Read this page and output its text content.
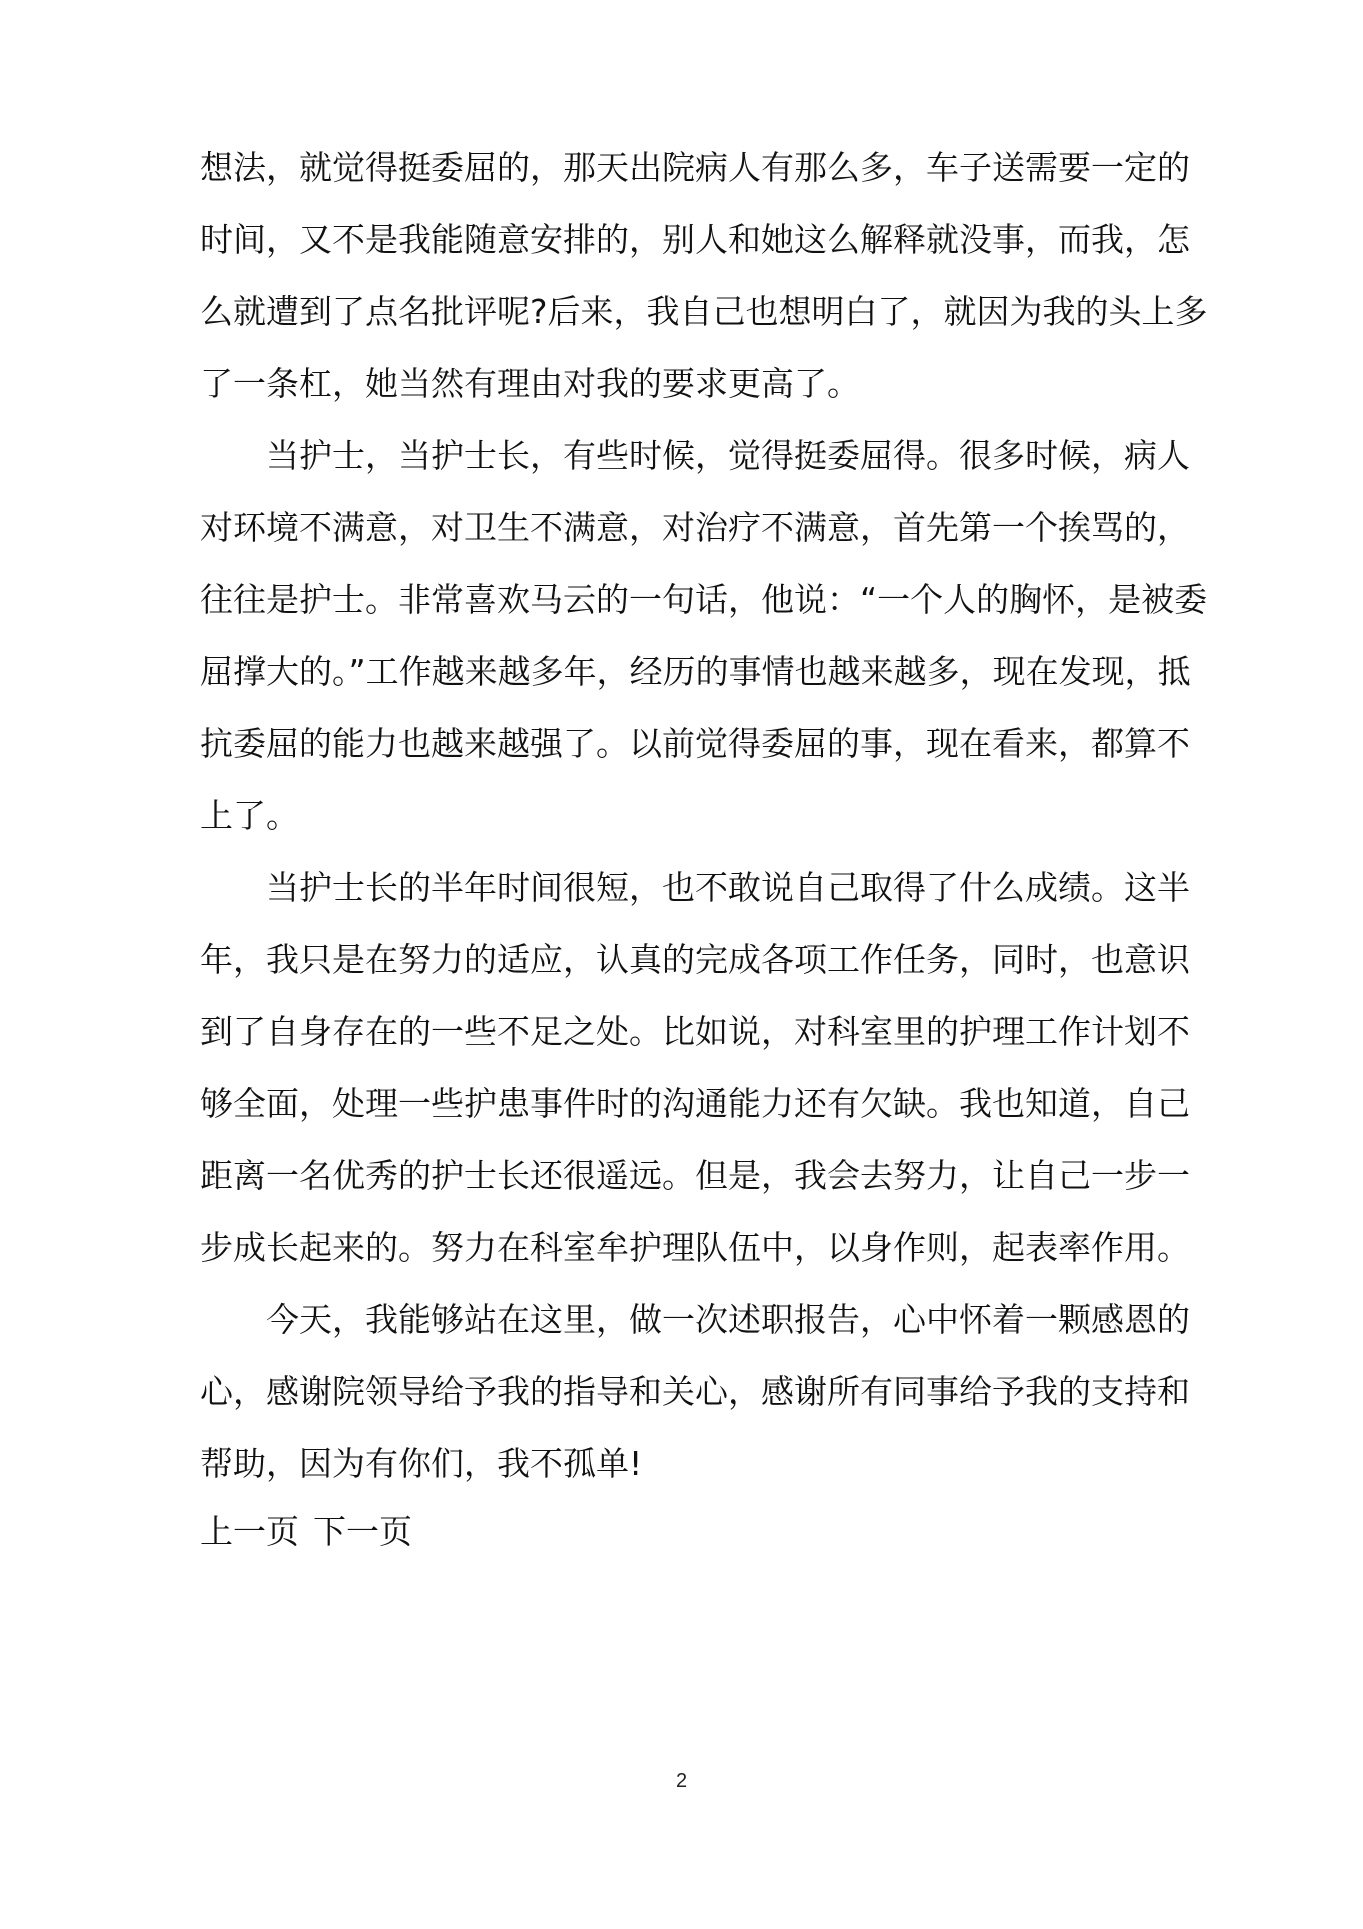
想法，就觉得挺委屈的，那天出院病人有那么多，车子送需要一定的
时间，又不是我能随意安排的，别人和她这么解释就没事，而我，怎
么就遭到了点名批评呢?后来，我自己也想明白了，就因为我的头上多
了一条杠，她当然有理由对我的要求更高了。
当护士，当护士长，有些时候，觉得挺委屈得。很多时候，病人
对环境不满意，对卫生不满意，对治疗不满意，首先第一个挨骂的，
往往是护士。非常喜欢马云的一句话，他说：“一个人的胸怀，是被委
屈撑大的。”工作越来越多年，经历的事情也越来越多，现在发现，抵
抗委屈的能力也越来越强了。以前觉得委屈的事，现在看来，都算不
上了。
当护士长的半年时间很短，也不敢说自己取得了什么成绩。这半
年，我只是在努力的适应，认真的完成各项工作任务，同时，也意识
到了自身存在的一些不足之处。比如说，对科室里的护理工作计划不
够全面，处理一些护患事件时的沟通能力还有欠缺。我也知道，自己
距离一名优秀的护士长还很遥远。但是，我会去努力，让自己一步一
步成长起来的。努力在科室牟护理队伍中，以身作则，起表率作用。
今天，我能够站在这里，做一次述职报告，心中怀着一颗感恩的
心，感谢院领导给予我的指导和关心，感谢所有同事给予我的支持和
帮助，因为有你们，我不孤单!
上一页 下一页
2
